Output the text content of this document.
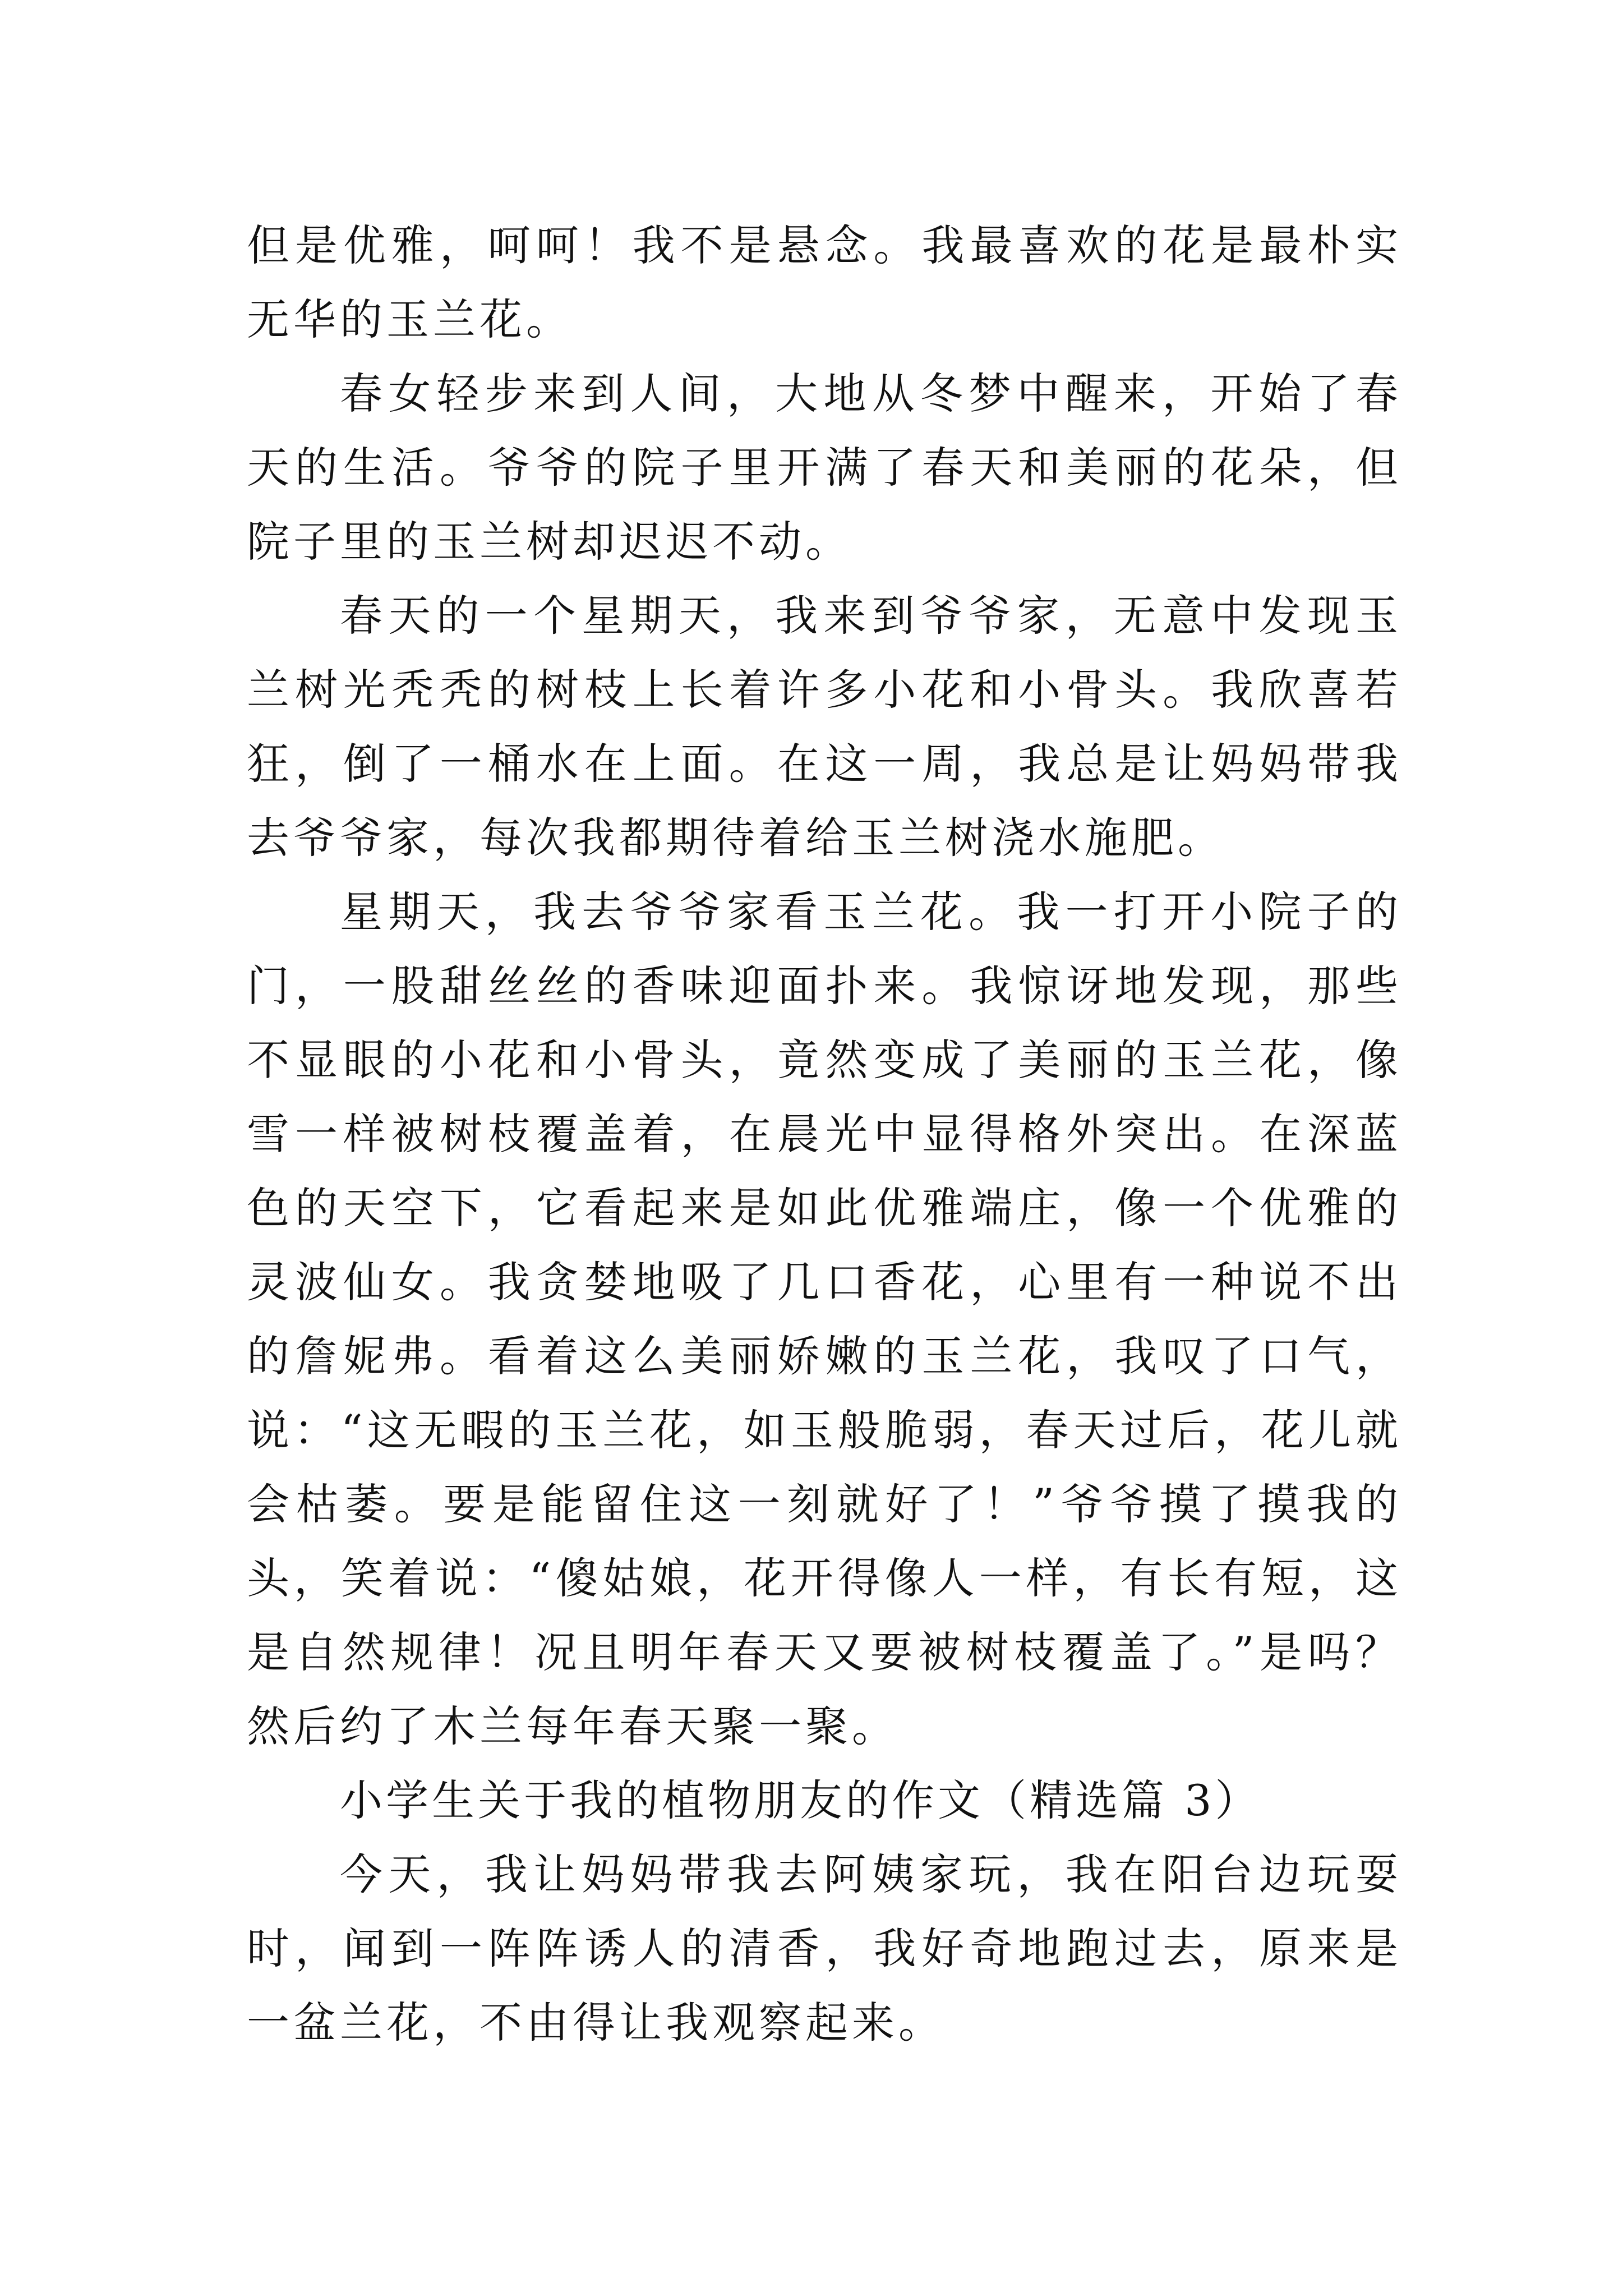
但是优雅，呵呵！我不是悬念。我最喜欢的花是最朴实无华的玉兰花。

春女轻步来到人间，大地从冬梦中醒来，开始了春天的生活。爷爷的院子里开满了春天和美丽的花朵，但院子里的玉兰树却迟迟不动。

春天的一个星期天，我来到爷爷家，无意中发现玉兰树光秃秃的树枝上长着许多小花和小骨头。我欣喜若狂，倒了一桶水在上面。在这一周，我总是让妈妈带我去爷爷家，每次我都期待着给玉兰树浇水施肥。

星期天，我去爷爷家看玉兰花。我一打开小院子的门，一股甜丝丝的香味迎面扑来。我惊讶地发现，那些不显眼的小花和小骨头，竟然变成了美丽的玉兰花，像雪一样被树枝覆盖着，在晨光中显得格外突出。在深蓝色的天空下，它看起来是如此优雅端庄，像一个优雅的灵波仙女。我贪婪地吸了几口香花，心里有一种说不出的詹妮弗。看着这么美丽娇嫩的玉兰花，我叹了口气，说：“这无暇的玉兰花，如玉般脆弱，春天过后，花儿就会枯萎。要是能留住这一刻就好了！”爷爷摸了摸我的头，笑着说：“傻姑娘，花开得像人一样，有长有短，这是自然规律！况且明年春天又要被树枝覆盖了。”是吗？然后约了木兰每年春天聚一聚。

小学生关于我的植物朋友的作文（精选篇 3）

今天，我让妈妈带我去阿姨家玩，我在阳台边玩耍时，闻到一阵阵诱人的清香，我好奇地跑过去，原来是一盆兰花，不由得让我观察起来。
